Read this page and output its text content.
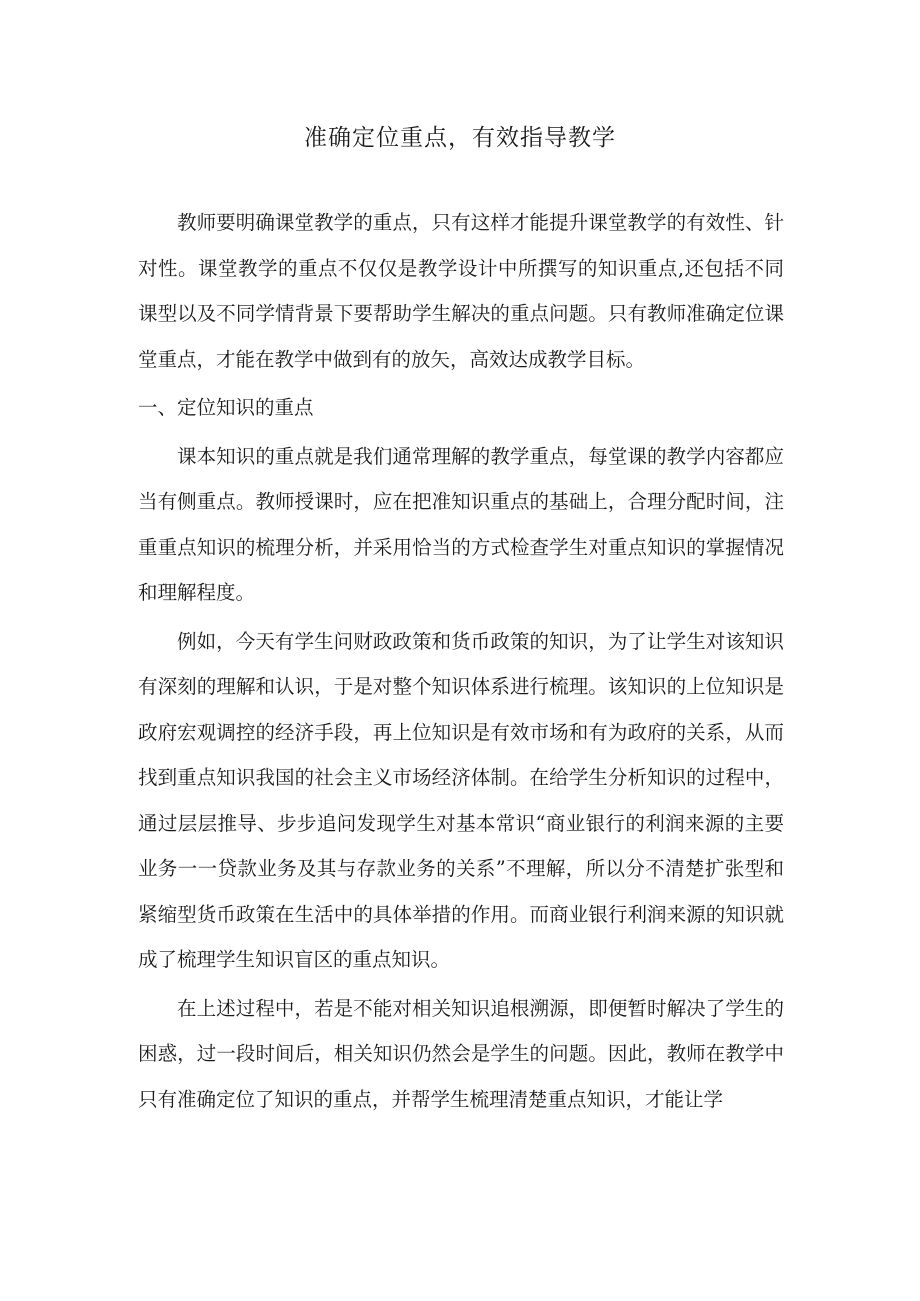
准确定位重点，有效指导教学

教师要明确课堂教学的重点，只有这样才能提升课堂教学的有效性、针对性。课堂教学的重点不仅仅是教学设计中所撰写的知识重点,还包括不同课型以及不同学情背景下要帮助学生解决的重点问题。只有教师准确定位课堂重点，才能在教学中做到有的放矢，高效达成教学目标。

一、定位知识的重点

课本知识的重点就是我们通常理解的教学重点，每堂课的教学内容都应当有侧重点。教师授课时，应在把准知识重点的基础上，合理分配时间，注重重点知识的梳理分析，并采用恰当的方式检查学生对重点知识的掌握情况和理解程度。

例如，今天有学生问财政政策和货币政策的知识，为了让学生对该知识有深刻的理解和认识，于是对整个知识体系进行梳理。该知识的上位知识是政府宏观调控的经济手段，再上位知识是有效市场和有为政府的关系，从而找到重点知识我国的社会主义市场经济体制。在给学生分析知识的过程中，通过层层推导、步步追问发现学生对基本常识“商业银行的利润来源的主要业务一一贷款业务及其与存款业务的关系”不理解，所以分不清楚扩张型和紧缩型货币政策在生活中的具体举措的作用。而商业银行利润来源的知识就成了梳理学生知识盲区的重点知识。

在上述过程中，若是不能对相关知识追根溯源，即便暂时解决了学生的困惑，过一段时间后，相关知识仍然会是学生的问题。因此，教师在教学中只有准确定位了知识的重点，并帮学生梳理清楚重点知识，才能让学
